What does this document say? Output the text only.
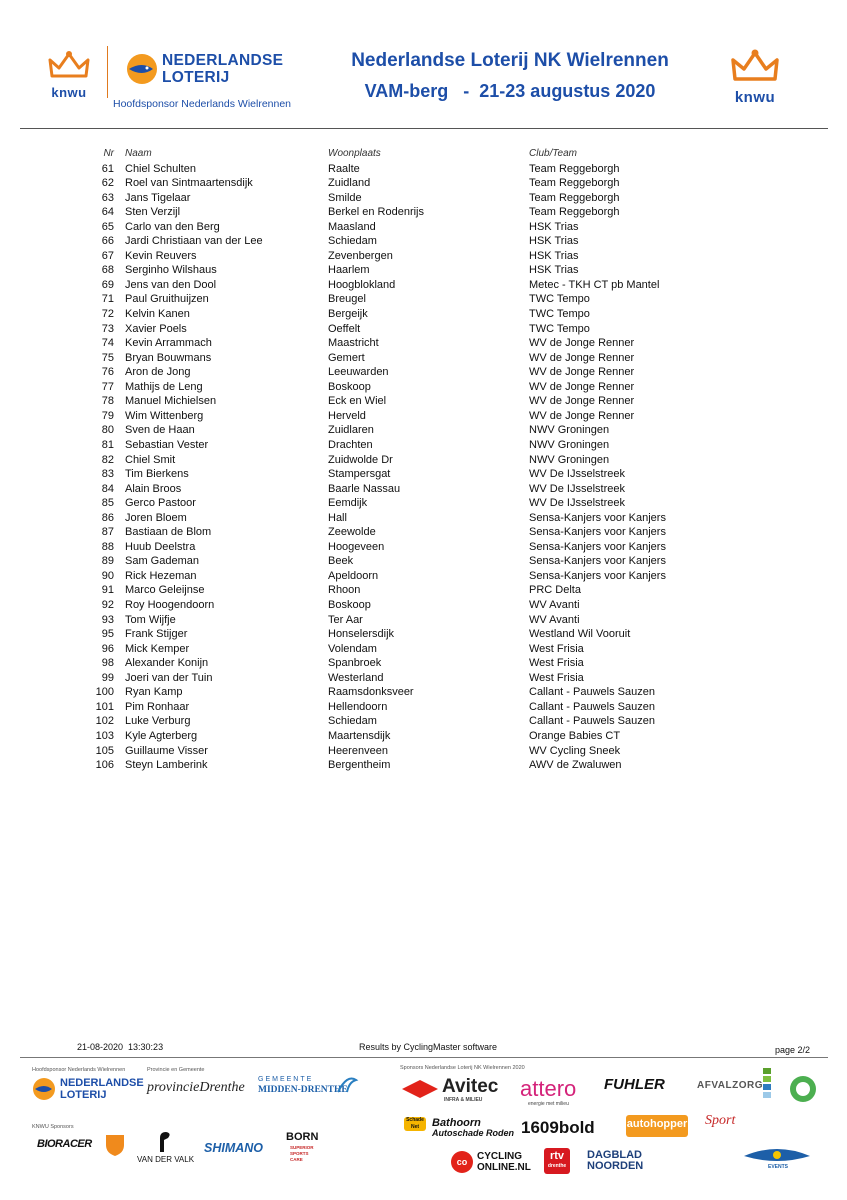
knwu
NEDERLANDSE
LOTERIJ
Hoofdsponsor Nederlands Wielrennen
Nederlandse Loterij NK Wielrennen
VAM-berg   -  21-23 augustus 2020	knwu
Nr Naam	Woonplaats	Club/Team
61 Chiel Schulten	Raalte	Team Reggeborgh
62 Roel van Sintmaartensdijk	Zuidland	Team Reggeborgh
63 Jans Tigelaar	Smilde	Team Reggeborgh
64 Sten Verzijl	Berkel en Rodenrijs	Team Reggeborgh
65 Carlo van den Berg	Maasland	HSK Trias
66 Jardi Christiaan van der Lee	Schiedam	HSK Trias
67 Kevin Reuvers	Zevenbergen	HSK Trias
68 Serginho Wilshaus	Haarlem	HSK Trias
69 Jens van den Dool	Hoogblokland	Metec - TKH CT pb Mantel
71 Paul Gruithuijzen	Breugel	TWC Tempo
72 Kelvin Kanen	Bergeijk	TWC Tempo
73 Xavier Poels	Oeffelt	TWC Tempo
74 Kevin Arrammach	Maastricht	WV de Jonge Renner
75 Bryan Bouwmans	Gemert	WV de Jonge Renner
76 Aron de Jong	Leeuwarden	WV de Jonge Renner
77 Mathijs de Leng	Boskoop	WV de Jonge Renner
78 Manuel Michielsen	Eck en Wiel	WV de Jonge Renner
79 Wim Wittenberg	Herveld	WV de Jonge Renner
80 Sven de Haan	Zuidlaren	NWV Groningen
81 Sebastian Vester	Drachten	NWV Groningen
82 Chiel Smit	Zuidwolde Dr	NWV Groningen
83 Tim Bierkens	Stampersgat	WV De IJsselstreek
84 Alain Broos	Baarle Nassau	WV De IJsselstreek
85 Gerco Pastoor	Eemdijk	WV De IJsselstreek
86 Joren Bloem	Hall	Sensa-Kanjers voor Kanjers
87 Bastiaan de Blom	Zeewolde	Sensa-Kanjers voor Kanjers
88 Huub Deelstra	Hoogeveen	Sensa-Kanjers voor Kanjers
89 Sam Gademan	Beek	Sensa-Kanjers voor Kanjers
90 Rick Hezeman	Apeldoorn	Sensa-Kanjers voor Kanjers
91 Marco Geleijnse	Rhoon	PRC Delta
92 Roy Hoogendoorn	Boskoop	WV Avanti
93 Tom Wijfje	Ter Aar	WV Avanti
95 Frank Stijger	Honselersdijk	Westland Wil Vooruit
96 Mick Kemper	Volendam	West Frisia
98 Alexander Konijn	Spanbroek	West Frisia
99 Joeri van der Tuin	Westerland	West Frisia
100 Ryan Kamp	Raamsdonksveer	Callant - Pauwels Sauzen
101 Pim Ronhaar	Hellendoorn	Callant - Pauwels Sauzen
102 Luke Verburg	Schiedam	Callant - Pauwels Sauzen
103 Kyle Agterberg	Maartensdijk	Orange Babies CT
105 Guillaume Visser	Heerenveen	WV Cycling Sneek
106 Steyn Lamberink	Bergentheim	AWV de Zwaluwen
21-08-2020  13:30:23	Results by CyclingMaster software	page 2/2
Hoofdsponsor Nederlands Wielrennen	Provincie en Gemeente	Sponsors Nederlandse Loterij NK Wielrennen 2020
KNWU Sponsors
NEDERLANDSE
LOTERIJ	provincieDrenthe
GEMEENTE
MIDDEN-DRENTHE	Avitec
INFRA & MILIEU attero
energie met milieu
FUHLER	AFVALZORG
BIORACER
VAN DER VALK
SHIMANO
BORN
SUPERIOR SPORTS CARE
Schade Net	Bathoorn
Autoschade Roden 1609bold	autohopper Sport
co CYCLING
ONLINE.NL
rtv
drenthe
DAGBLAD
NOORDEN	EVENTS
